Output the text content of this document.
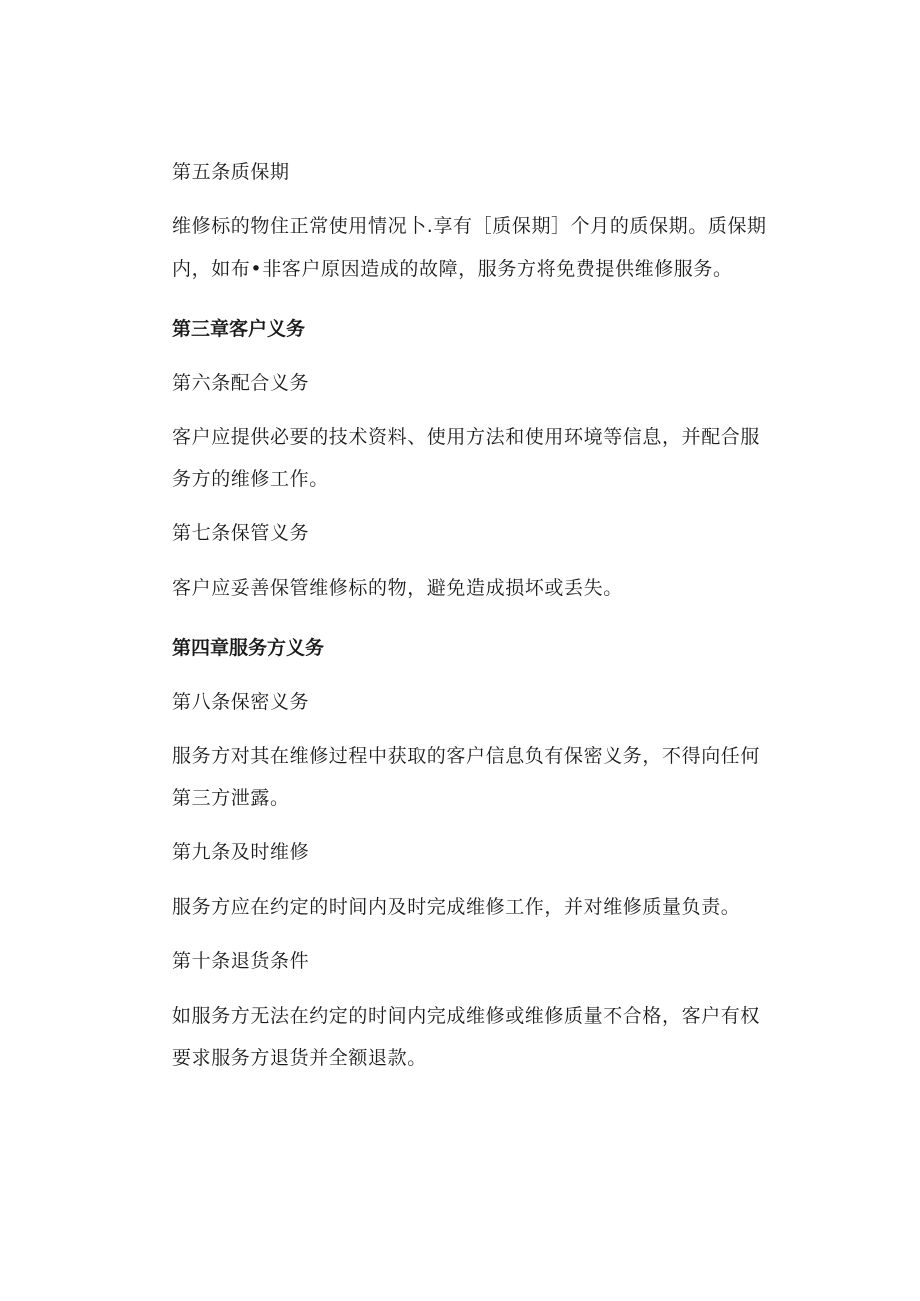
第五条质保期
维修标的物住正常使用情况卜.享有［质保期］个月的质保期。质保期
内，如布•非客户原因造成的故障，服务方将免费提供维修服务。
第三章客户义务
第六条配合义务
客户应提供必要的技术资料、使用方法和使用环境等信息，并配合服
务方的维修工作。
第七条保管义务
客户应妥善保管维修标的物，避免造成损坏或丢失。
第四章服务方义务
第八条保密义务
服务方对其在维修过程中获取的客户信息负有保密义务，不得向任何
第三方泄露。
第九条及时维修
服务方应在约定的时间内及时完成维修工作，并对维修质量负责。
第十条退货条件
如服务方无法在约定的时间内完成维修或维修质量不合格，客户有权
要求服务方退货并全额退款。
